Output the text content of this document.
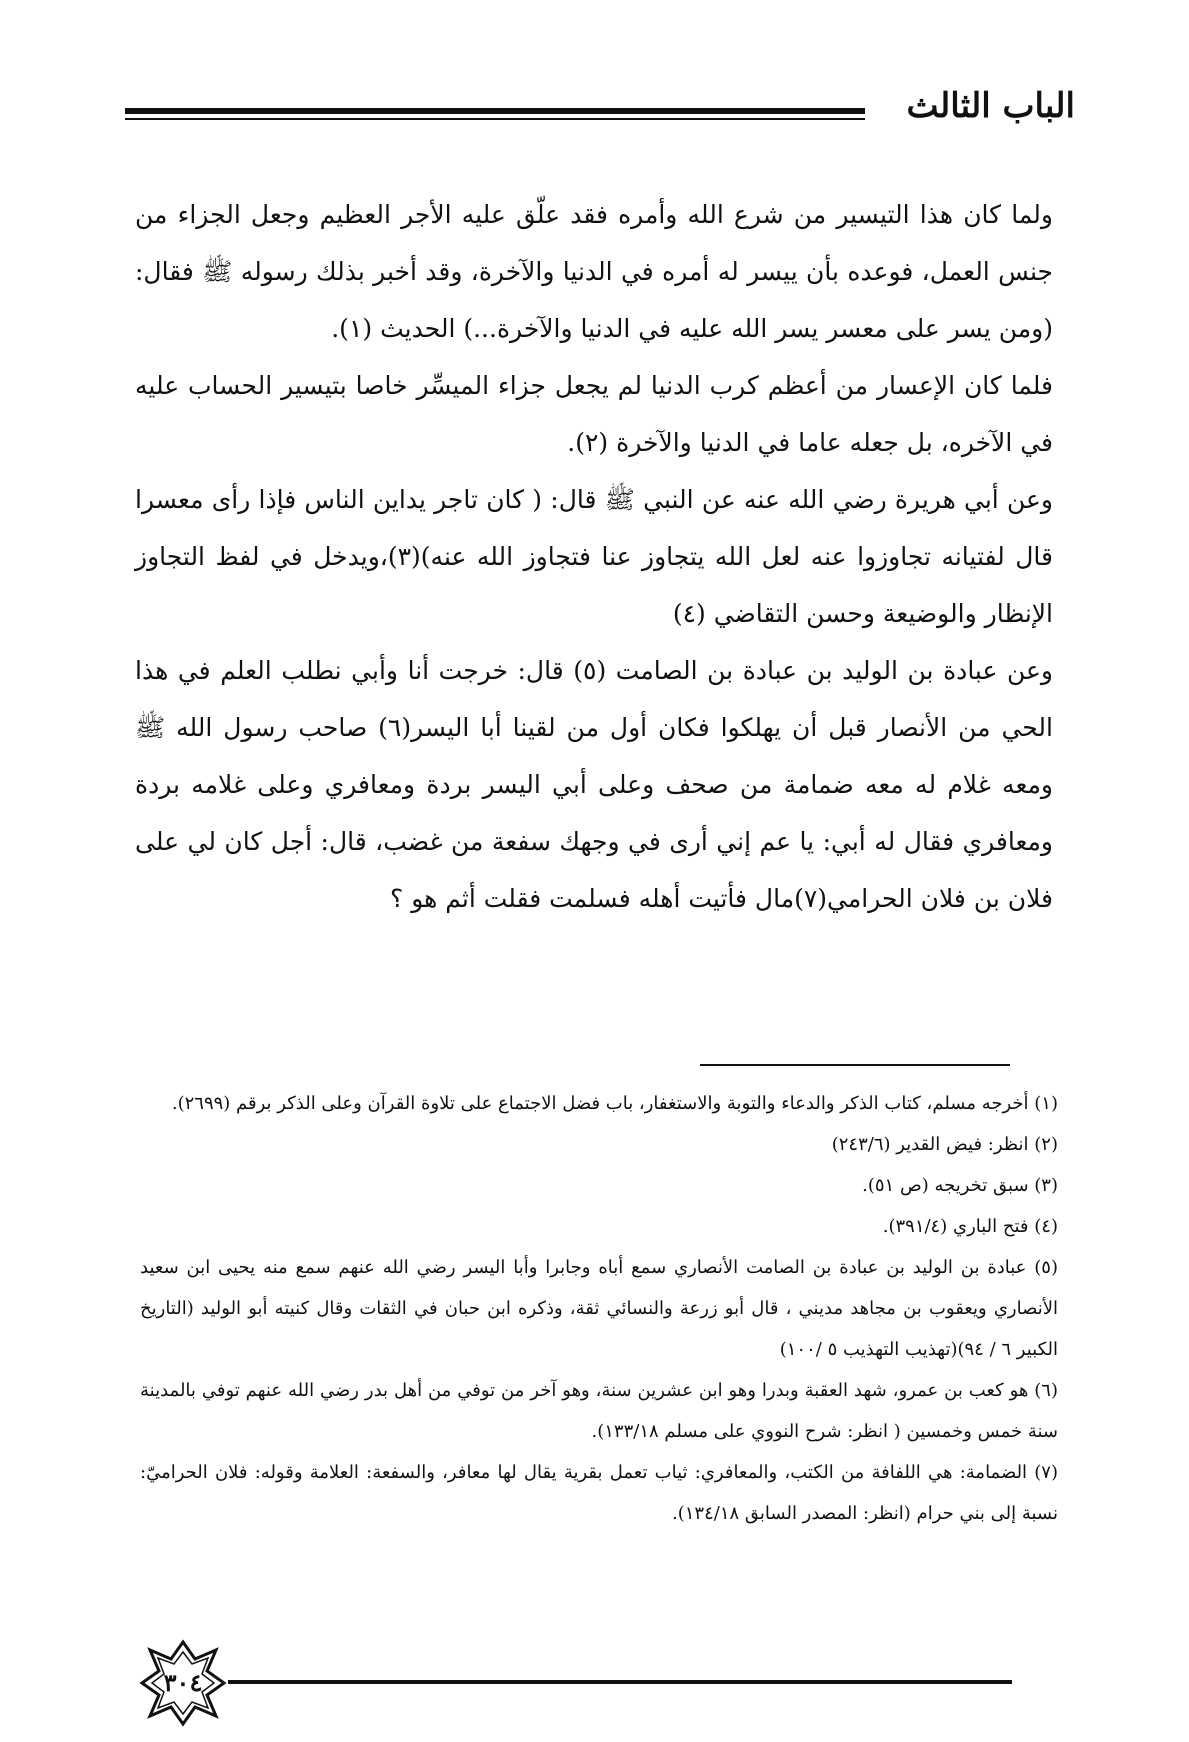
الباب الثالث

ولما كان هذا التيسير من شرع الله وأمره فقد علّق عليه الأجر العظيم وجعل الجزاء من جنس العمل، فوعده بأن ييسر له أمره في الدنيا والآخرة، وقد أخبر بذلك رسوله ﷺ فقال: (ومن يسر على معسر يسر الله عليه في الدنيا والآخرة...) الحديث (١).

فلما كان الإعسار من أعظم كرب الدنيا لم يجعل جزاء الميسِّر خاصا بتيسير الحساب عليه في الآخره، بل جعله عاما في الدنيا والآخرة (٢).

وعن أبي هريرة رضي الله عنه عن النبي ﷺ قال: ( كان تاجر يداين الناس فإذا رأى معسرا قال لفتيانه تجاوزوا عنه لعل الله يتجاوز عنا فتجاوز الله عنه)(٣)،ويدخل في لفظ التجاوز الإنظار والوضيعة وحسن التقاضي (٤)

وعن عبادة بن الوليد بن عبادة بن الصامت (٥) قال: خرجت أنا وأبي نطلب العلم في هذا الحي من الأنصار قبل أن يهلكوا فكان أول من لقينا أبا اليسر(٦) صاحب رسول الله ﷺ ومعه غلام له معه ضمامة من صحف وعلى أبي اليسر بردة ومعافري وعلى غلامه بردة ومعافري فقال له أبي: يا عم إني أرى في وجهك سفعة من غضب، قال: أجل كان لي على فلان بن فلان الحرامي(٧)مال فأتيت أهله فسلمت فقلت أثم هو ؟

(١) أخرجه مسلم، كتاب الذكر والدعاء والتوبة والاستغفار، باب فضل الاجتماع على تلاوة القرآن وعلى الذكر برقم (٢٦٩٩).

(٢) انظر: فيض القدير (٢٤٣/٦)

(٣) سبق تخريجه (ص ٥١).

(٤) فتح الباري (٣٩١/٤).

(٥) عبادة بن الوليد بن عبادة بن الصامت الأنصاري سمع أباه وجابرا وأبا اليسر رضي الله عنهم سمع منه يحيى ابن سعيد الأنصاري ويعقوب بن مجاهد مديني ، قال أبو زرعة والنسائي ثقة، وذكره ابن حبان في الثقات وقال كنيته أبو الوليد (التاريخ الكبير ٦ / ٩٤)(تهذيب التهذيب ٥ /١٠٠)

(٦) هو كعب بن عمرو، شهد العقبة وبدرا وهو ابن عشرين سنة، وهو آخر من توفي من أهل بدر رضي الله عنهم توفي بالمدينة سنة خمس وخمسين ( انظر: شرح النووي على مسلم ١٣٣/١٨).

(٧) الضمامة: هي اللفافة من الكتب، والمعافري: ثياب تعمل بقرية يقال لها معافر، والسفعة: العلامة وقوله: فلان الحراميّ: نسبة إلى بني حرام (انظر: المصدر السابق ١٣٤/١٨).

٣٠٤
